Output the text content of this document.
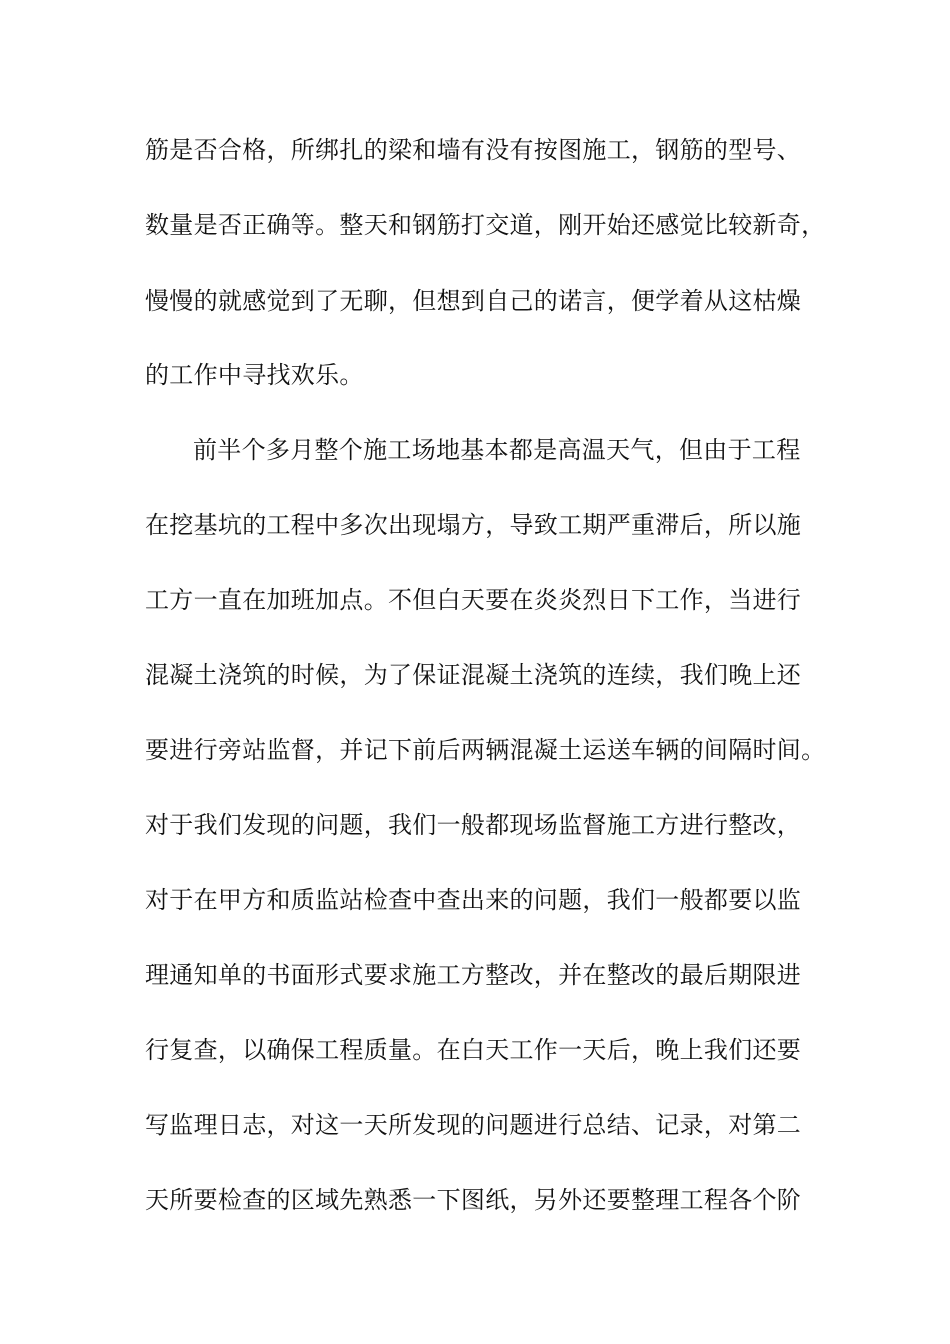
筋是否合格，所绑扎的梁和墙有没有按图施工，钢筋的型号、
数量是否正确等。整天和钢筋打交道，刚开始还感觉比较新奇，
慢慢的就感觉到了无聊，但想到自己的诺言，便学着从这枯燥
的工作中寻找欢乐。
前半个多月整个施工场地基本都是高温天气，但由于工程
在挖基坑的工程中多次出现塌方，导致工期严重滞后，所以施
工方一直在加班加点。不但白天要在炎炎烈日下工作，当进行
混凝土浇筑的时候，为了保证混凝土浇筑的连续，我们晚上还
要进行旁站监督，并记下前后两辆混凝土运送车辆的间隔时间。
对于我们发现的问题，我们一般都现场监督施工方进行整改，
对于在甲方和质监站检查中查出来的问题，我们一般都要以监
理通知单的书面形式要求施工方整改，并在整改的最后期限进
行复查，以确保工程质量。在白天工作一天后，晚上我们还要
写监理日志，对这一天所发现的问题进行总结、记录，对第二
天所要检查的区域先熟悉一下图纸，另外还要整理工程各个阶
